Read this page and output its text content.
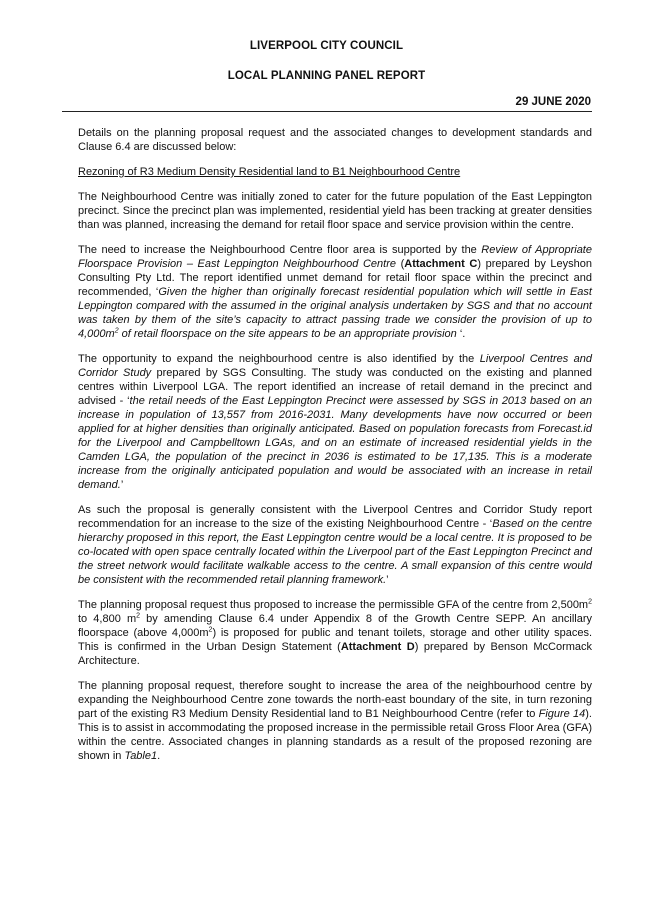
LIVERPOOL CITY COUNCIL
LOCAL PLANNING PANEL REPORT
29 JUNE 2020

Details on the planning proposal request and the associated changes to development standards and Clause 6.4 are discussed below:

Rezoning of R3 Medium Density Residential land to B1 Neighbourhood Centre

The Neighbourhood Centre was initially zoned to cater for the future population of the East Leppington precinct. Since the precinct plan was implemented, residential yield has been tracking at greater densities than was planned, increasing the demand for retail floor space and service provision within the centre.

The need to increase the Neighbourhood Centre floor area is supported by the Review of Appropriate Floorspace Provision – East Leppington Neighbourhood Centre (Attachment C) prepared by Leyshon Consulting Pty Ltd. The report identified unmet demand for retail floor space within the precinct and recommended, ‘Given the higher than originally forecast residential population which will settle in East Leppington compared with the assumed in the original analysis undertaken by SGS and that no account was taken by them of the site’s capacity to attract passing trade we consider the provision of up to $4,000m^2$ of retail floorspace on the site appears to be an appropriate provision ‘.

The opportunity to expand the neighbourhood centre is also identified by the Liverpool Centres and Corridor Study prepared by SGS Consulting. The study was conducted on the existing and planned centres within Liverpool LGA. The report identified an increase of retail demand in the precinct and advised - ‘the retail needs of the East Leppington Precinct were assessed by SGS in 2013 based on an increase in population of 13,557 from 2016-2031. Many developments have now occurred or been applied for at higher densities than originally anticipated. Based on population forecasts from Forecast.id for the Liverpool and Campbelltown LGAs, and on an estimate of increased residential yields in the Camden LGA, the population of the precinct in 2036 is estimated to be 17,135. This is a moderate increase from the originally anticipated population and would be associated with an increase in retail demand.’

As such the proposal is generally consistent with the Liverpool Centres and Corridor Study report recommendation for an increase to the size of the existing Neighbourhood Centre - ‘Based on the centre hierarchy proposed in this report, the East Leppington centre would be a local centre. It is proposed to be co-located with open space centrally located within the Liverpool part of the East Leppington Precinct and the street network would facilitate walkable access to the centre. A small expansion of this centre would be consistent with the recommended retail planning framework.’

The planning proposal request thus proposed to increase the permissible GFA of the centre from $2,500m^2$ to 4,800 $m^2$ by amending Clause 6.4 under Appendix 8 of the Growth Centre SEPP. An ancillary floorspace (above $4,000m^2$) is proposed for public and tenant toilets, storage and other utility spaces. This is confirmed in the Urban Design Statement (Attachment D) prepared by Benson McCormack Architecture.

The planning proposal request, therefore sought to increase the area of the neighbourhood centre by expanding the Neighbourhood Centre zone towards the north-east boundary of the site, in turn rezoning part of the existing R3 Medium Density Residential land to B1 Neighbourhood Centre (refer to Figure 14). This is to assist in accommodating the proposed increase in the permissible retail Gross Floor Area (GFA) within the centre. Associated changes in planning standards as a result of the proposed rezoning are shown in Table1.
